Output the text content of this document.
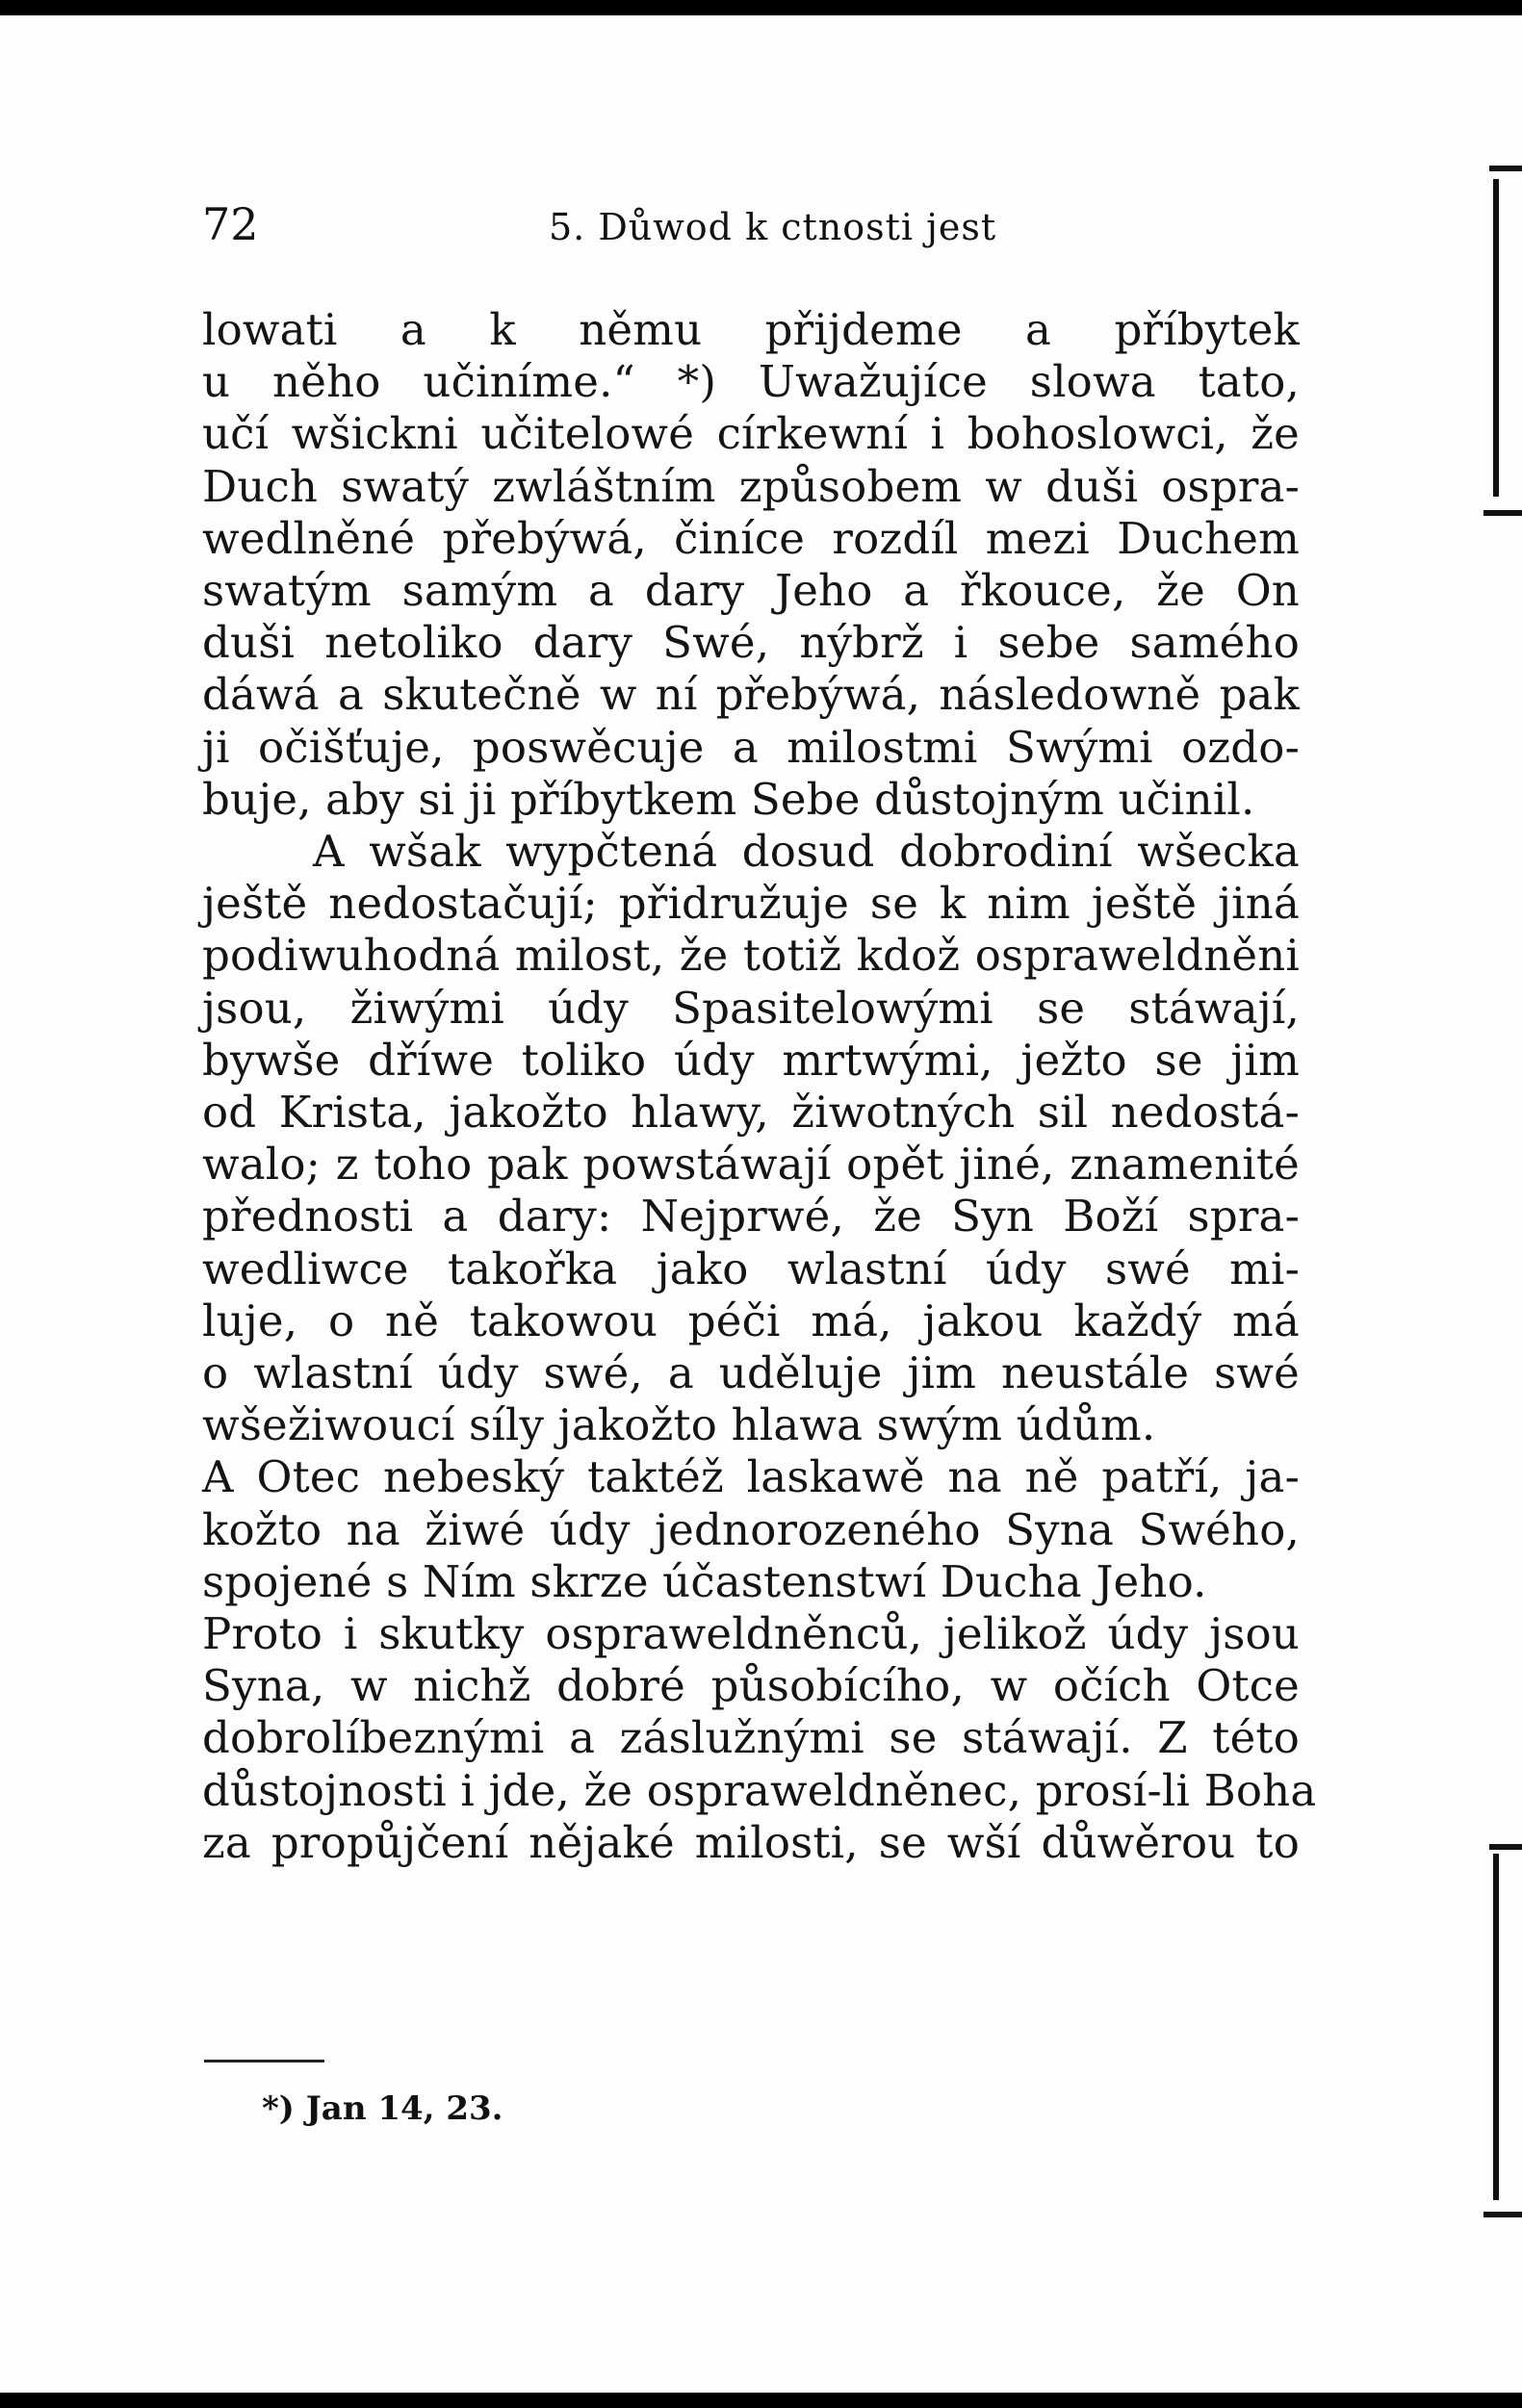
72	5. Důwod k ctnosti jest
lowati a k němu přijdeme a příbytek
u něho učiníme.“ *) Uwažujíce slowa tato,
učí wšickni učitelowé církewní i bohoslowci, že
Duch swatý zwláštním způsobem w duši ospra-
wedlněné přebýwá, činíce rozdíl mezi Duchem
swatým samým a dary Jeho a řkouce, že On
duši netoliko dary Swé, nýbrž i sebe samého
dáwá a skutečně w ní přebýwá, následowně pak
ji očišťuje, poswěcuje a milostmi Swými ozdo-
buje, aby si ji příbytkem Sebe důstojným učinil.
A wšak wypčtená dosud dobrodiní wšecka
ještě nedostačují; přidružuje se k nim ještě jiná
podiwuhodná milost, že totiž kdož ospraweldněni
jsou, žiwými údy Spasitelowými se stáwají,
bywše dříwe toliko údy mrtwými, ježto se jim
od Krista, jakožto hlawy, žiwotných sil nedostá-
walo; z toho pak powstáwají opět jiné, znamenité
přednosti a dary: Nejprwé, že Syn Boží spra-
wedliwce takořka jako wlastní údy swé mi-
luje, o ně takowou péči má, jakou každý má
o wlastní údy swé, a uděluje jim neustále swé
wšežiwoucí síly jakožto hlawa swým údům.
A Otec nebeský taktéž laskawě na ně patří, ja-
kožto na žiwé údy jednorozeného Syna Swého,
spojené s Ním skrze účastenstwí Ducha Jeho.
Proto i skutky ospraweldněnců, jelikož údy jsou
Syna, w nichž dobré působícího, w očích Otce
dobrolíbeznými a záslužnými se stáwají. Z této
důstojnosti i jde, že ospraweldněnec, prosí-li Boha
za propůjčení nějaké milosti, se wší důwěrou to
*) Jan 14, 23.
